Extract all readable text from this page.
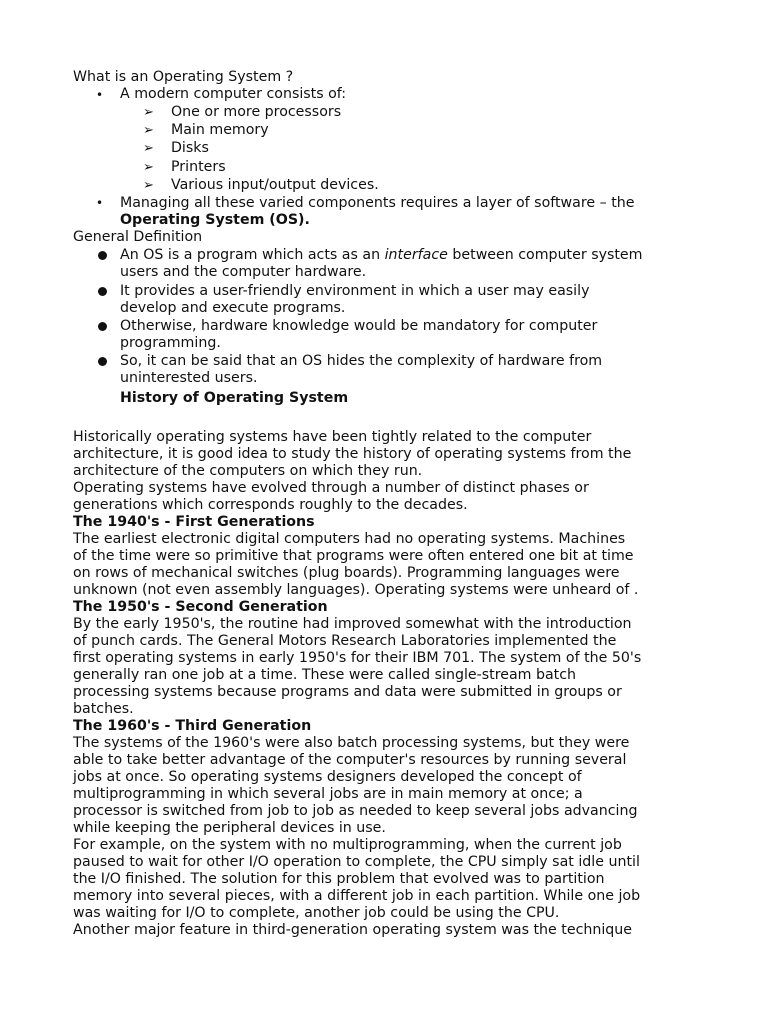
What is an Operating System ?
• A modern computer consists of:
➢ One or more processors
➢ Main memory
➢ Disks
➢ Printers
➢ Various input/output devices.
• Managing all these varied components requires a layer of software – the
Operating System (OS).
General Definition
An OS is a program which acts as an interface between computer system
users and the computer hardware.
It provides a user-friendly environment in which a user may easily
develop and execute programs.
Otherwise, hardware knowledge would be mandatory for computer
programming.
So, it can be said that an OS hides the complexity of hardware from
uninterested users.
History of Operating System
Historically operating systems have been tightly related to the computer
architecture, it is good idea to study the history of operating systems from the
architecture of the computers on which they run.
Operating systems have evolved through a number of distinct phases or
generations which corresponds roughly to the decades.
The 1940's - First Generations
The earliest electronic digital computers had no operating systems. Machines
of the time were so primitive that programs were often entered one bit at time
on rows of mechanical switches (plug boards). Programming languages were
unknown (not even assembly languages). Operating systems were unheard of .
The 1950's - Second Generation
By the early 1950's, the routine had improved somewhat with the introduction
of punch cards. The General Motors Research Laboratories implemented the
first operating systems in early 1950's for their IBM 701. The system of the 50's
generally ran one job at a time. These were called single-stream batch
processing systems because programs and data were submitted in groups or
batches.
The 1960's - Third Generation
The systems of the 1960's were also batch processing systems, but they were
able to take better advantage of the computer's resources by running several
jobs at once. So operating systems designers developed the concept of
multiprogramming in which several jobs are in main memory at once; a
processor is switched from job to job as needed to keep several jobs advancing
while keeping the peripheral devices in use.
For example, on the system with no multiprogramming, when the current job
paused to wait for other I/O operation to complete, the CPU simply sat idle until
the I/O finished. The solution for this problem that evolved was to partition
memory into several pieces, with a different job in each partition. While one job
was waiting for I/O to complete, another job could be using the CPU.
Another major feature in third-generation operating system was the technique
